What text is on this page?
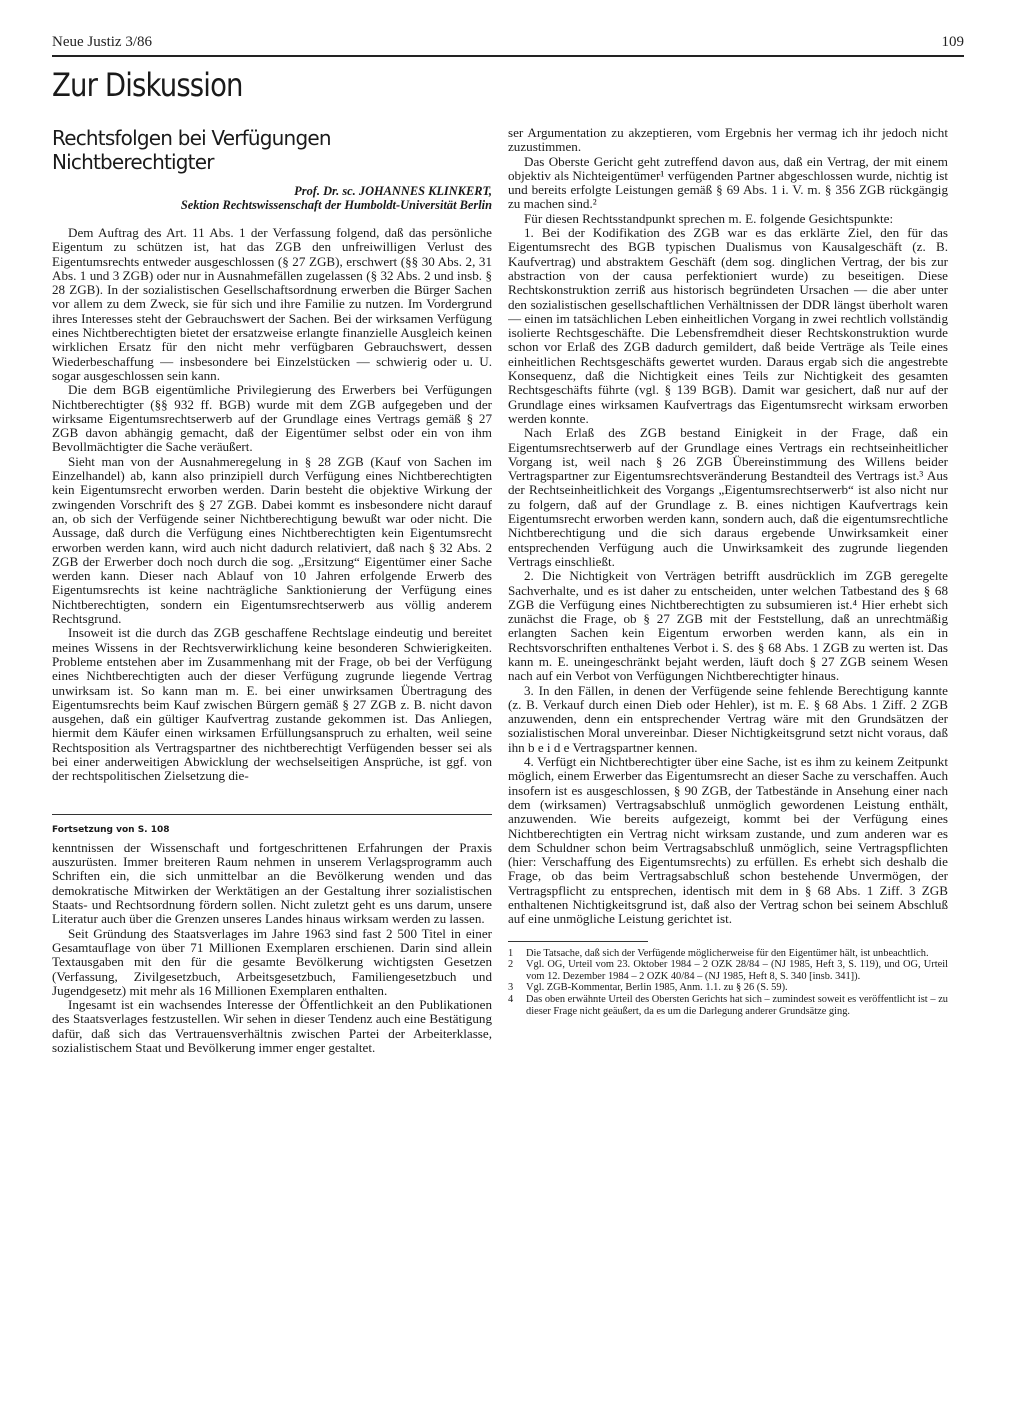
Neue Justiz 3/86	109
Zur Diskussion
Rechtsfolgen bei Verfügungen Nichtberechtigter
Prof. Dr. sc. JOHANNES KLINKERT,
Sektion Rechtswissenschaft der Humboldt-Universität Berlin

Dem Auftrag des Art. 11 Abs. 1 der Verfassung folgend, daß das persönliche Eigentum zu schützen ist, hat das ZGB den unfreiwilligen Verlust des Eigentumsrechts entweder ausgeschlossen (§ 27 ZGB), erschwert (§§ 30 Abs. 2, 31 Abs. 1 und 3 ZGB) oder nur in Ausnahmefällen zugelassen (§ 32 Abs. 2 und insb. § 28 ZGB). In der sozialistischen Gesellschaftsordnung erwerben die Bürger Sachen vor allem zu dem Zweck, sie für sich und ihre Familie zu nutzen. Im Vordergrund ihres Interesses steht der Gebrauchswert der Sachen. Bei der wirksamen Verfügung eines Nichtberechtigten bietet der ersatzweise erlangte finanzielle Ausgleich keinen wirklichen Ersatz für den nicht mehr verfügbaren Gebrauchswert, dessen Wiederbeschaffung — insbesondere bei Einzelstücken — schwierig oder u. U. sogar ausgeschlossen sein kann.

Die dem BGB eigentümliche Privilegierung des Erwerbers bei Verfügungen Nichtberechtigter (§§ 932 ff. BGB) wurde mit dem ZGB aufgegeben und der wirksame Eigentumsrechtserwerb auf der Grundlage eines Vertrags gemäß § 27 ZGB davon abhängig gemacht, daß der Eigentümer selbst oder ein von ihm Bevollmächtigter die Sache veräußert.

Sieht man von der Ausnahmeregelung in § 28 ZGB (Kauf von Sachen im Einzelhandel) ab, kann also prinzipiell durch Verfügung eines Nichtberechtigten kein Eigentumsrecht erworben werden. Darin besteht die objektive Wirkung der zwingenden Vorschrift des § 27 ZGB. Dabei kommt es insbesondere nicht darauf an, ob sich der Verfügende seiner Nichtberechtigung bewußt war oder nicht. Die Aussage, daß durch die Verfügung eines Nichtberechtigten kein Eigentumsrecht erworben werden kann, wird auch nicht dadurch relativiert, daß nach § 32 Abs. 2 ZGB der Erwerber doch noch durch die sog. „Ersitzung“ Eigentümer einer Sache werden kann. Dieser nach Ablauf von 10 Jahren erfolgende Erwerb des Eigentumsrechts ist keine nachträgliche Sanktionierung der Verfügung eines Nichtberechtigten, sondern ein Eigentumsrechtserwerb aus völlig anderem Rechtsgrund.

Insoweit ist die durch das ZGB geschaffene Rechtslage eindeutig und bereitet meines Wissens in der Rechtsverwirklichung keine besonderen Schwierigkeiten. Probleme entstehen aber im Zusammenhang mit der Frage, ob bei der Verfügung eines Nichtberechtigten auch der dieser Verfügung zugrunde liegende Vertrag unwirksam ist. So kann man m. E. bei einer unwirksamen Übertragung des Eigentumsrechts beim Kauf zwischen Bürgern gemäß § 27 ZGB z. B. nicht davon ausgehen, daß ein gültiger Kaufvertrag zustande gekommen ist. Das Anliegen, hiermit dem Käufer einen wirksamen Erfüllungsanspruch zu erhalten, weil seine Rechtsposition als Vertragspartner des nichtberechtigt Verfügenden besser sei als bei einer anderweitigen Abwicklung der wechselseitigen Ansprüche, ist ggf. von der rechtspolitischen Zielsetzung die-

Fortsetzung von S. 108

kenntnissen der Wissenschaft und fortgeschrittenen Erfahrungen der Praxis auszurüsten. Immer breiteren Raum nehmen in unserem Verlagsprogramm auch Schriften ein, die sich unmittelbar an die Bevölkerung wenden und das demokratische Mitwirken der Werktätigen an der Gestaltung ihrer sozialistischen Staats- und Rechtsordnung fördern sollen. Nicht zuletzt geht es uns darum, unsere Literatur auch über die Grenzen unseres Landes hinaus wirksam werden zu lassen.

Seit Gründung des Staatsverlages im Jahre 1963 sind fast 2 500 Titel in einer Gesamtauflage von über 71 Millionen Exemplaren erschienen. Darin sind allein Textausgaben mit den für die gesamte Bevölkerung wichtigsten Gesetzen (Verfassung, Zivilgesetzbuch, Arbeitsgesetzbuch, Familiengesetzbuch und Jugendgesetz) mit mehr als 16 Millionen Exemplaren enthalten.

Ingesamt ist ein wachsendes Interesse der Öffentlichkeit an den Publikationen des Staatsverlages festzustellen. Wir sehen in dieser Tendenz auch eine Bestätigung dafür, daß sich das Vertrauensverhältnis zwischen Partei der Arbeiterklasse, sozialistischem Staat und Bevölkerung immer enger gestaltet.

ser Argumentation zu akzeptieren, vom Ergebnis her vermag ich ihr jedoch nicht zuzustimmen.

Das Oberste Gericht geht zutreffend davon aus, daß ein Vertrag, der mit einem objektiv als Nichteigentümer¹ verfügenden Partner abgeschlossen wurde, nichtig ist und bereits erfolgte Leistungen gemäß § 69 Abs. 1 i. V. m. § 356 ZGB rückgängig zu machen sind.²

Für diesen Rechtsstandpunkt sprechen m. E. folgende Gesichtspunkte:

1. Bei der Kodifikation des ZGB war es das erklärte Ziel, den für das Eigentumsrecht des BGB typischen Dualismus von Kausalgeschäft (z. B. Kaufvertrag) und abstraktem Geschäft (dem sog. dinglichen Vertrag, der bis zur abstraction von der causa perfektioniert wurde) zu beseitigen. Diese Rechtskonstruktion zerriß aus historisch begründeten Ursachen — die aber unter den sozialistischen gesellschaftlichen Verhältnissen der DDR längst überholt waren — einen im tatsächlichen Leben einheitlichen Vorgang in zwei rechtlich vollständig isolierte Rechtsgeschäfte. Die Lebensfremdheit dieser Rechtskonstruktion wurde schon vor Erlaß des ZGB dadurch gemildert, daß beide Verträge als Teile eines einheitlichen Rechtsgeschäfts gewertet wurden. Daraus ergab sich die angestrebte Konsequenz, daß die Nichtigkeit eines Teils zur Nichtigkeit des gesamten Rechtsgeschäfts führte (vgl. § 139 BGB). Damit war gesichert, daß nur auf der Grundlage eines wirksamen Kaufvertrags das Eigentumsrecht wirksam erworben werden konnte.

Nach Erlaß des ZGB bestand Einigkeit in der Frage, daß ein Eigentumsrechtserwerb auf der Grundlage eines Vertrags ein rechtseinheitlicher Vorgang ist, weil nach § 26 ZGB Übereinstimmung des Willens beider Vertragspartner zur Eigentumsrechtsveränderung Bestandteil des Vertrags ist.³ Aus der Rechtseinheitlichkeit des Vorgangs „Eigentumsrechtserwerb“ ist also nicht nur zu folgern, daß auf der Grundlage z. B. eines nichtigen Kaufvertrags kein Eigentumsrecht erworben werden kann, sondern auch, daß die eigentumsrechtliche Nichtberechtigung und die sich daraus ergebende Unwirksamkeit einer entsprechenden Verfügung auch die Unwirksamkeit des zugrunde liegenden Vertrags einschließt.

2. Die Nichtigkeit von Verträgen betrifft ausdrücklich im ZGB geregelte Sachverhalte, und es ist daher zu entscheiden, unter welchen Tatbestand des § 68 ZGB die Verfügung eines Nichtberechtigten zu subsumieren ist.⁴ Hier erhebt sich zunächst die Frage, ob § 27 ZGB mit der Feststellung, daß an unrechtmäßig erlangten Sachen kein Eigentum erworben werden kann, als ein in Rechtsvorschriften enthaltenes Verbot i. S. des § 68 Abs. 1 ZGB zu werten ist. Das kann m. E. uneingeschränkt bejaht werden, läuft doch § 27 ZGB seinem Wesen nach auf ein Verbot von Verfügungen Nichtberechtigter hinaus.

3. In den Fällen, in denen der Verfügende seine fehlende Berechtigung kannte (z. B. Verkauf durch einen Dieb oder Hehler), ist m. E. § 68 Abs. 1 Ziff. 2 ZGB anzuwenden, denn ein entsprechender Vertrag wäre mit den Grundsätzen der sozialistischen Moral unvereinbar. Dieser Nichtigkeitsgrund setzt nicht voraus, daß ihn b e i d e Vertragspartner kennen.

4. Verfügt ein Nichtberechtigter über eine Sache, ist es ihm zu keinem Zeitpunkt möglich, einem Erwerber das Eigentumsrecht an dieser Sache zu verschaffen. Auch insofern ist es ausgeschlossen, § 90 ZGB, der Tatbestände in Ansehung einer nach dem (wirksamen) Vertragsabschluß unmöglich gewordenen Leistung enthält, anzuwenden. Wie bereits aufgezeigt, kommt bei der Verfügung eines Nichtberechtigten ein Vertrag nicht wirksam zustande, und zum anderen war es dem Schuldner schon beim Vertragsabschluß unmöglich, seine Vertragspflichten (hier: Verschaffung des Eigentumsrechts) zu erfüllen. Es erhebt sich deshalb die Frage, ob das beim Vertragsabschluß schon bestehende Unvermögen, der Vertragspflicht zu entsprechen, identisch mit dem in § 68 Abs. 1 Ziff. 3 ZGB enthaltenen Nichtigkeitsgrund ist, daß also der Vertrag schon bei seinem Abschluß auf eine unmögliche Leistung gerichtet ist.

1	Die Tatsache, daß sich der Verfügende möglicherweise für den Eigentümer hält, ist unbeachtlich.
2	Vgl. OG, Urteil vom 23. Oktober 1984 – 2 OZK 28/84 – (NJ 1985, Heft 3, S. 119), und OG, Urteil vom 12. Dezember 1984 – 2 OZK 40/84 – (NJ 1985, Heft 8, S. 340 [insb. 341]).
3	Vgl. ZGB-Kommentar, Berlin 1985, Anm. 1.1. zu § 26 (S. 59).
4	Das oben erwähnte Urteil des Obersten Gerichts hat sich – zumindest soweit es veröffentlicht ist – zu dieser Frage nicht geäußert, da es um die Darlegung anderer Grundsätze ging.
